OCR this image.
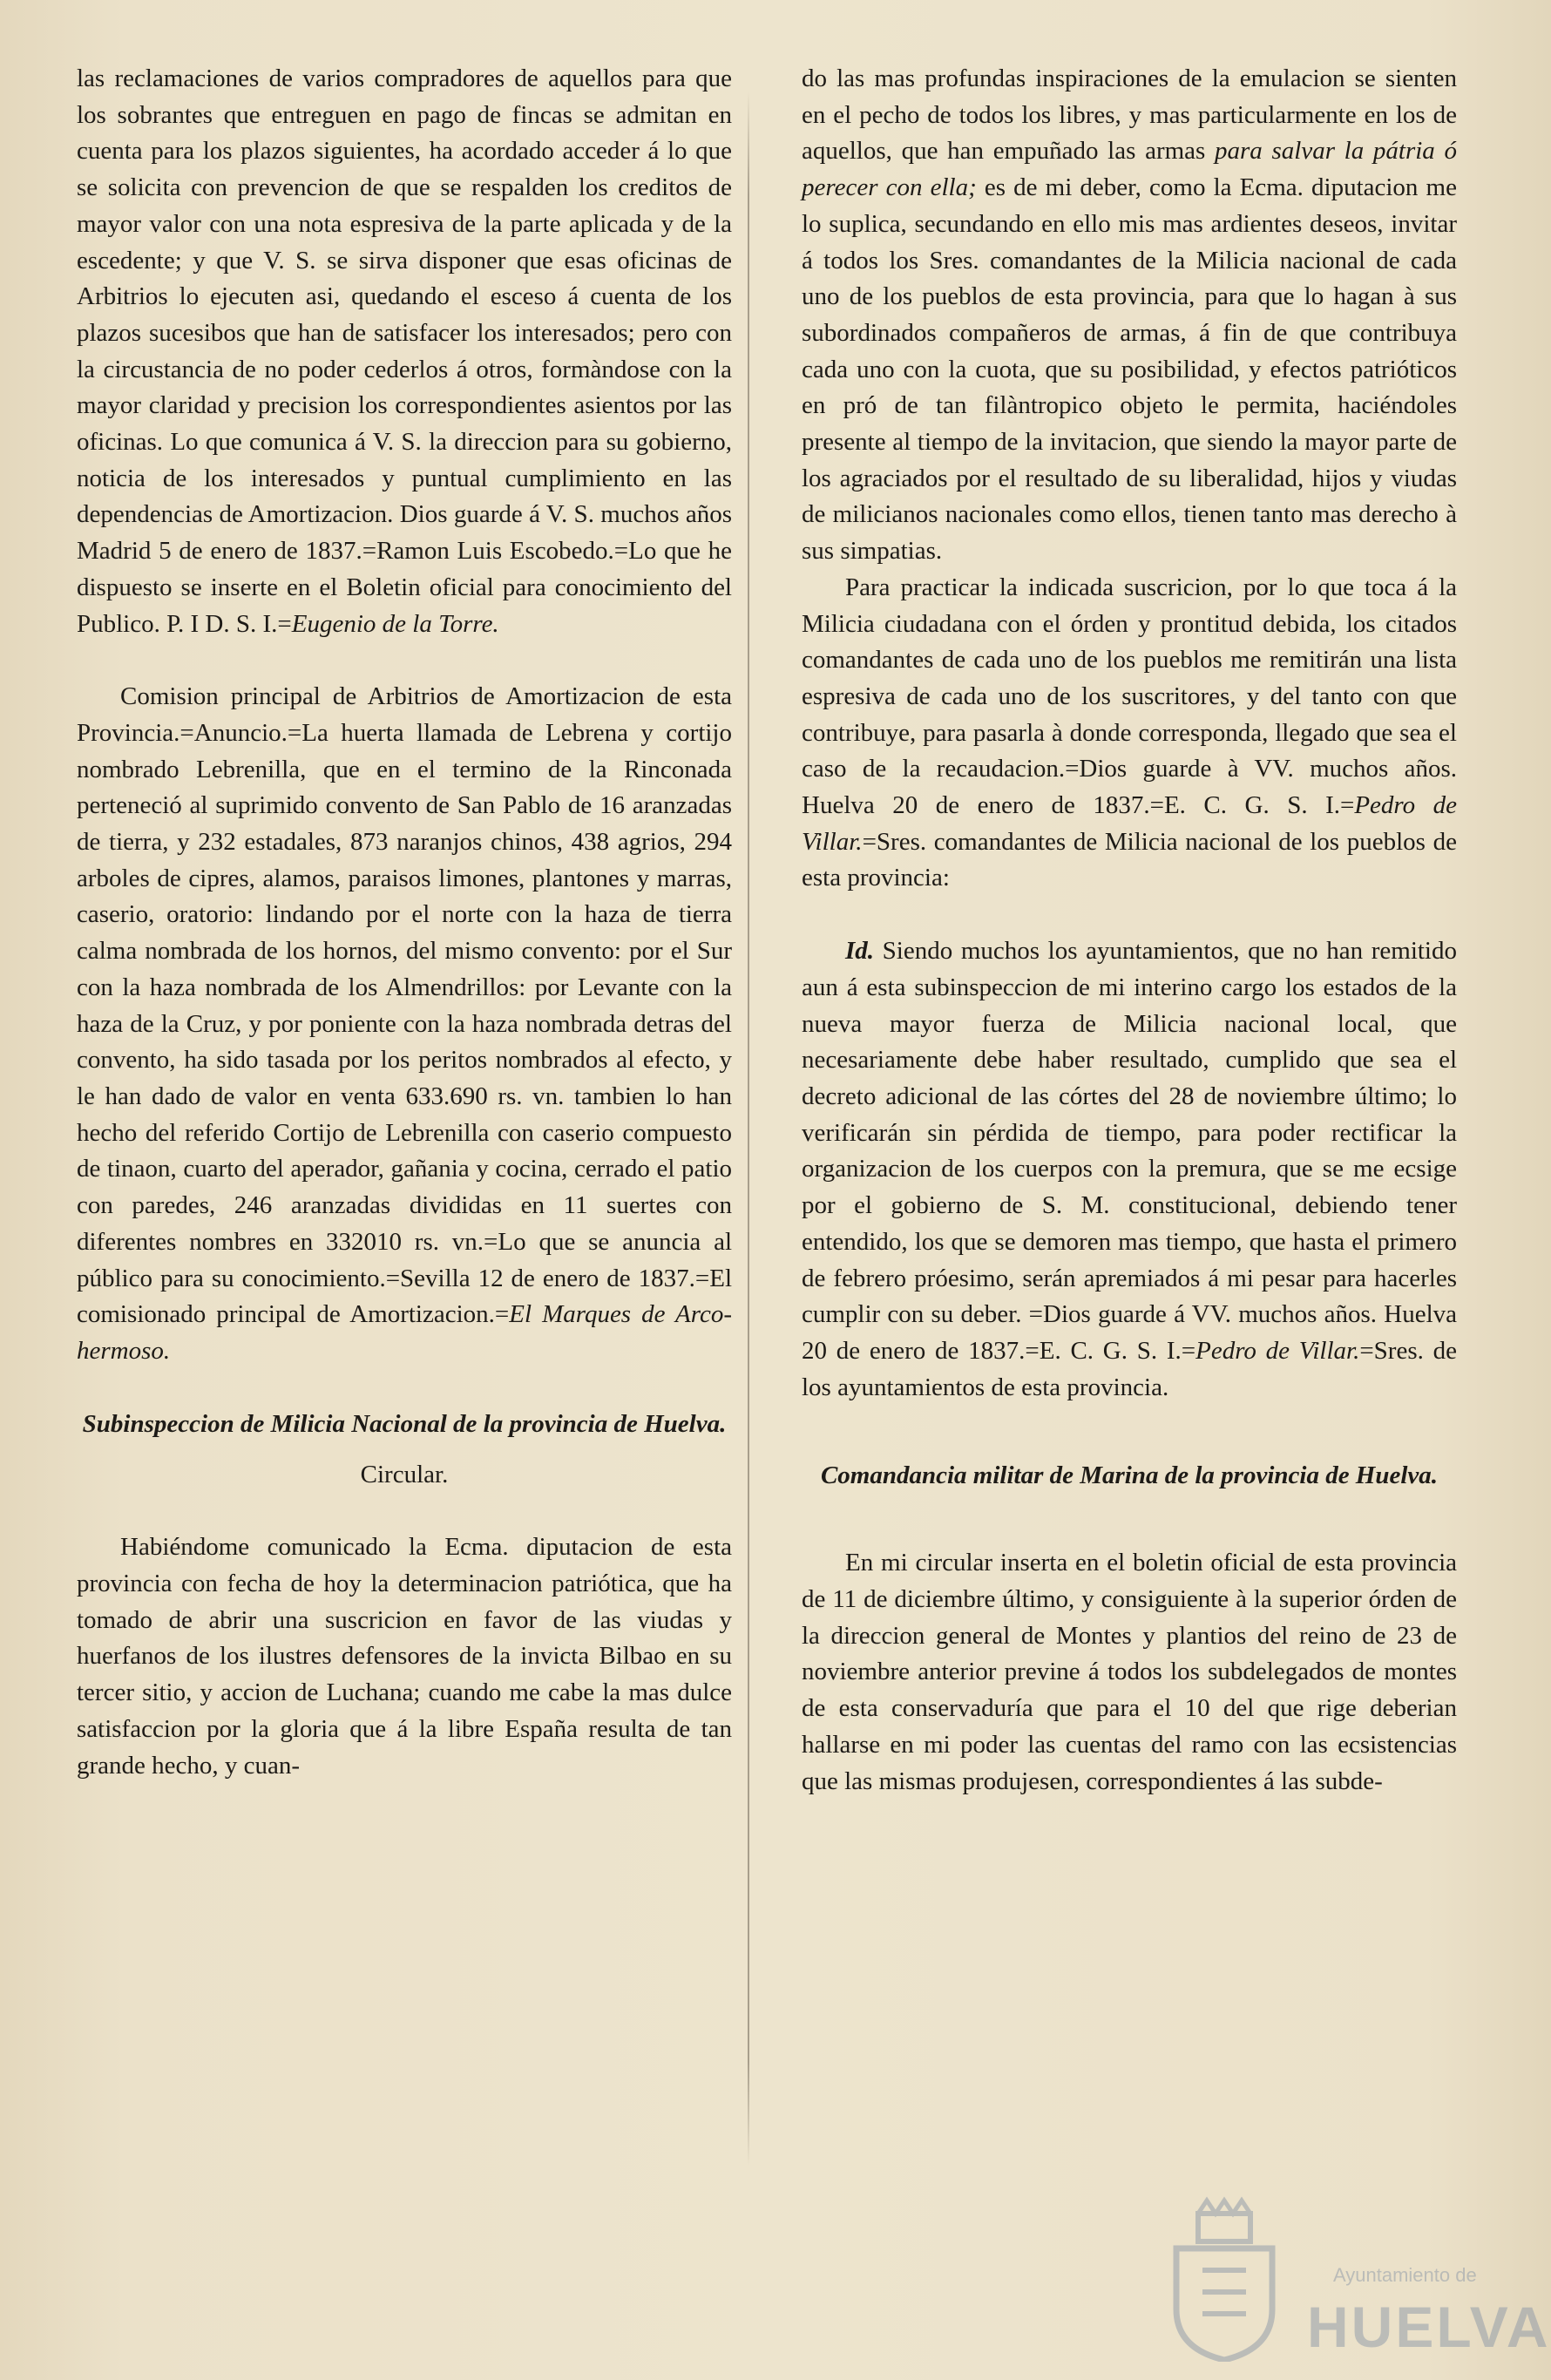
las reclamaciones de varios compradores de aquellos para que los sobrantes que entreguen en pago de fincas se admitan en cuenta para los plazos siguientes, ha acordado acceder á lo que se solicita con prevencion de que se respalden los creditos de mayor valor con una nota espresiva de la parte aplicada y de la escedente; y que V. S. se sirva disponer que esas oficinas de Arbitrios lo ejecuten asi, quedando el esceso á cuenta de los plazos sucesibos que han de satisfacer los interesados; pero con la circustancia de no poder cederlos á otros, formàndose con la mayor claridad y precision los correspondientes asientos por las oficinas. Lo que comunica á V. S. la direccion para su gobierno, noticia de los interesados y puntual cumplimiento en las dependencias de Amortizacion. Dios guarde á V. S. muchos años Madrid 5 de enero de 1837.=Ramon Luis Escobedo.=Lo que he dispuesto se inserte en el Boletin oficial para conocimiento del Publico. P. I D. S. I.=Eugenio de la Torre.

Comision principal de Arbitrios de Amortizacion de esta Provincia.=Anuncio.=La huerta llamada de Lebrena y cortijo nombrado Lebrenilla, que en el termino de la Rinconada perteneció al suprimido convento de San Pablo de 16 aranzadas de tierra, y 232 estadales, 873 naranjos chinos, 438 agrios, 294 arboles de cipres, alamos, paraisos limones, plantones y marras, caserio, oratorio: lindando por el norte con la haza de tierra calma nombrada de los hornos, del mismo convento: por el Sur con la haza nombrada de los Almendrillos: por Levante con la haza de la Cruz, y por poniente con la haza nombrada detras del convento, ha sido tasada por los peritos nombrados al efecto, y le han dado de valor en venta 633.690 rs. vn. tambien lo han hecho del referido Cortijo de Lebrenilla con caserio compuesto de tinaon, cuarto del aperador, gañania y cocina, cerrado el patio con paredes, 246 aranzadas divididas en 11 suertes con diferentes nombres en 332010 rs. vn.=Lo que se anuncia al público para su conocimiento.=Sevilla 12 de enero de 1837.=El comisionado principal de Amortizacion.=El Marques de Arco-hermoso.

Subinspeccion de Milicia Nacional de la provincia de Huelva.

Circular.

Habiéndome comunicado la Ecma. diputacion de esta provincia con fecha de hoy la determinacion patriótica, que ha tomado de abrir una suscricion en favor de las viudas y huerfanos de los ilustres defensores de la invicta Bilbao en su tercer sitio, y accion de Luchana; cuando me cabe la mas dulce satisfaccion por la gloria que á la libre España resulta de tan grande hecho, y cuan-

do las mas profundas inspiraciones de la emulacion se sienten en el pecho de todos los libres, y mas particularmente en los de aquellos, que han empuñado las armas para salvar la pátria ó perecer con ella; es de mi deber, como la Ecma. diputacion me lo suplica, secundando en ello mis mas ardientes deseos, invitar á todos los Sres. comandantes de la Milicia nacional de cada uno de los pueblos de esta provincia, para que lo hagan à sus subordinados compañeros de armas, á fin de que contribuya cada uno con la cuota, que su posibilidad, y efectos patrióticos en pró de tan filàntropico objeto le permita, haciéndoles presente al tiempo de la invitacion, que siendo la mayor parte de los agraciados por el resultado de su liberalidad, hijos y viudas de milicianos nacionales como ellos, tienen tanto mas derecho à sus simpatias.

Para practicar la indicada suscricion, por lo que toca á la Milicia ciudadana con el órden y prontitud debida, los citados comandantes de cada uno de los pueblos me remitirán una lista espresiva de cada uno de los suscritores, y del tanto con que contribuye, para pasarla à donde corresponda, llegado que sea el caso de la recaudacion.=Dios guarde à VV. muchos años. Huelva 20 de enero de 1837.=E. C. G. S. I.=Pedro de Villar.=Sres. comandantes de Milicia nacional de los pueblos de esta provincia:

Id. Siendo muchos los ayuntamientos, que no han remitido aun á esta subinspeccion de mi interino cargo los estados de la nueva mayor fuerza de Milicia nacional local, que necesariamente debe haber resultado, cumplido que sea el decreto adicional de las córtes del 28 de noviembre último; lo verificarán sin pérdida de tiempo, para poder rectificar la organizacion de los cuerpos con la premura, que se me ecsige por el gobierno de S. M. constitucional, debiendo tener entendido, los que se demoren mas tiempo, que hasta el primero de febrero próesimo, serán apremiados á mi pesar para hacerles cumplir con su deber. =Dios guarde á VV. muchos años. Huelva 20 de enero de 1837.=E. C. G. S. I.=Pedro de Villar.=Sres. de los ayuntamientos de esta provincia.

Comandancia militar de Marina de la provincia de Huelva.

En mi circular inserta en el boletin oficial de esta provincia de 11 de diciembre último, y consiguiente à la superior órden de la direccion general de Montes y plantios del reino de 23 de noviembre anterior previne á todos los subdelegados de montes de esta conservaduría que para el 10 del que rige deberian hallarse en mi poder las cuentas del ramo con las ecsistencias que las mismas produjesen, correspondientes á las subde-

Ayuntamiento de
HUELVA
